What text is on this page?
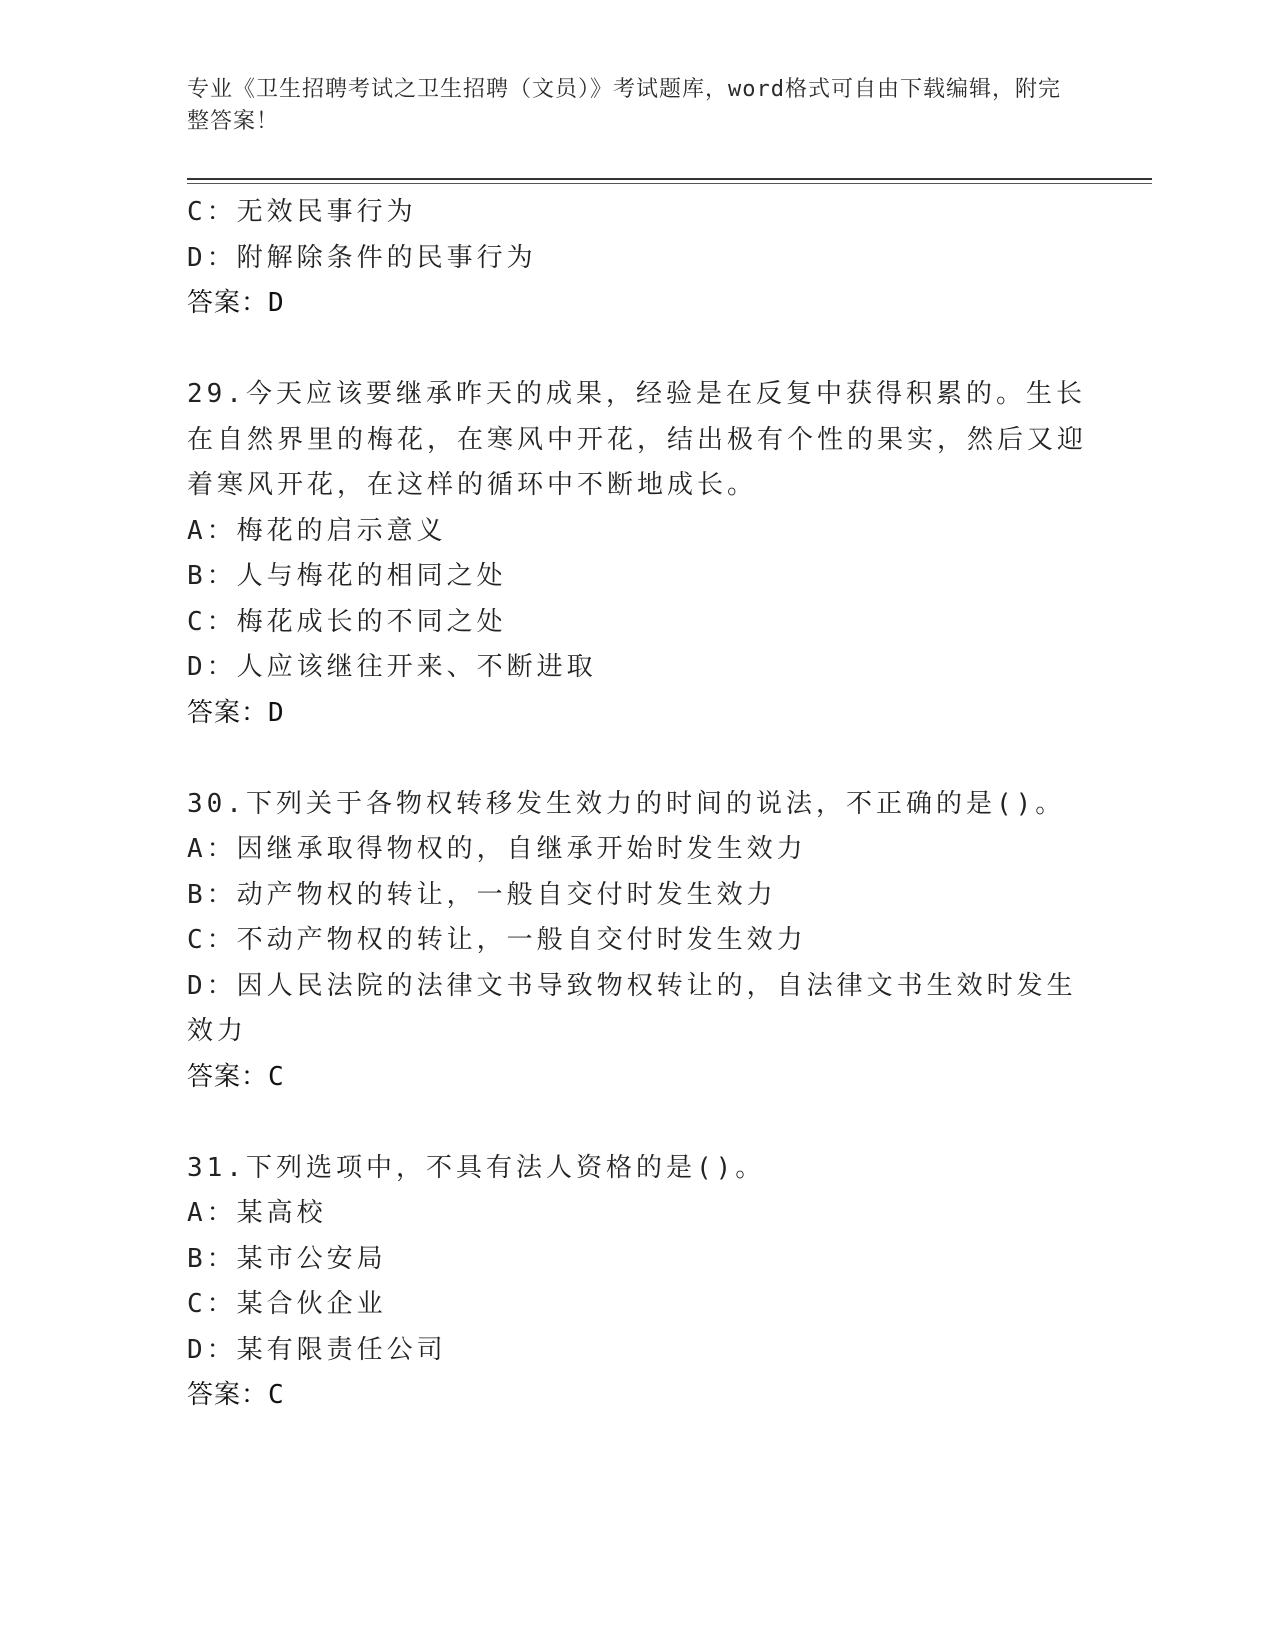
专业《卫生招聘考试之卫生招聘（文员）》考试题库，word格式可自由下载编辑，附完整答案！
C：无效民事行为
D：附解除条件的民事行为
答案：D
29.今天应该要继承昨天的成果，经验是在反复中获得积累的。生长在自然界里的梅花，在寒风中开花，结出极有个性的果实，然后又迎着寒风开花，在这样的循环中不断地成长。
A：梅花的启示意义
B：人与梅花的相同之处
C：梅花成长的不同之处
D：人应该继往开来、不断进取
答案：D
30.下列关于各物权转移发生效力的时间的说法，不正确的是()。
A：因继承取得物权的，自继承开始时发生效力
B：动产物权的转让，一般自交付时发生效力
C：不动产物权的转让，一般自交付时发生效力
D：因人民法院的法律文书导致物权转让的，自法律文书生效时发生效力
答案：C
31.下列选项中，不具有法人资格的是()。
A：某高校
B：某市公安局
C：某合伙企业
D：某有限责任公司
答案：C
